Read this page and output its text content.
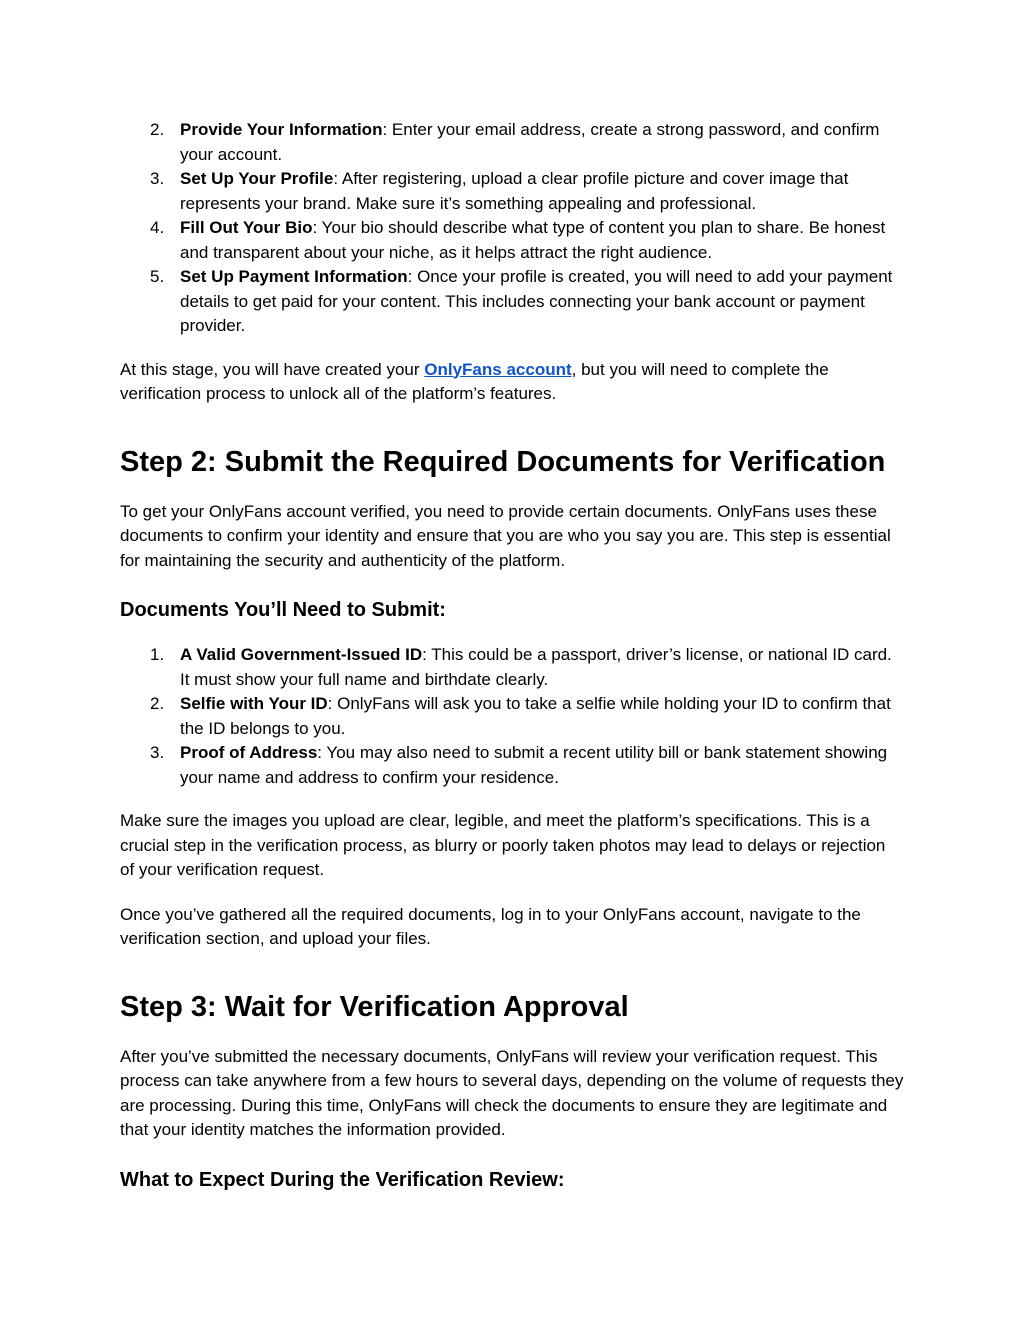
2. Provide Your Information: Enter your email address, create a strong password, and confirm your account.
3. Set Up Your Profile: After registering, upload a clear profile picture and cover image that represents your brand. Make sure it’s something appealing and professional.
4. Fill Out Your Bio: Your bio should describe what type of content you plan to share. Be honest and transparent about your niche, as it helps attract the right audience.
5. Set Up Payment Information: Once your profile is created, you will need to add your payment details to get paid for your content. This includes connecting your bank account or payment provider.

At this stage, you will have created your OnlyFans account, but you will need to complete the verification process to unlock all of the platform’s features.

Step 2: Submit the Required Documents for Verification

To get your OnlyFans account verified, you need to provide certain documents. OnlyFans uses these documents to confirm your identity and ensure that you are who you say you are. This step is essential for maintaining the security and authenticity of the platform.

Documents You’ll Need to Submit:
1. A Valid Government-Issued ID: This could be a passport, driver’s license, or national ID card. It must show your full name and birthdate clearly.
2. Selfie with Your ID: OnlyFans will ask you to take a selfie while holding your ID to confirm that the ID belongs to you.
3. Proof of Address: You may also need to submit a recent utility bill or bank statement showing your name and address to confirm your residence.

Make sure the images you upload are clear, legible, and meet the platform’s specifications. This is a crucial step in the verification process, as blurry or poorly taken photos may lead to delays or rejection of your verification request.

Once you’ve gathered all the required documents, log in to your OnlyFans account, navigate to the verification section, and upload your files.

Step 3: Wait for Verification Approval

After you’ve submitted the necessary documents, OnlyFans will review your verification request. This process can take anywhere from a few hours to several days, depending on the volume of requests they are processing. During this time, OnlyFans will check the documents to ensure they are legitimate and that your identity matches the information provided.

What to Expect During the Verification Review:
